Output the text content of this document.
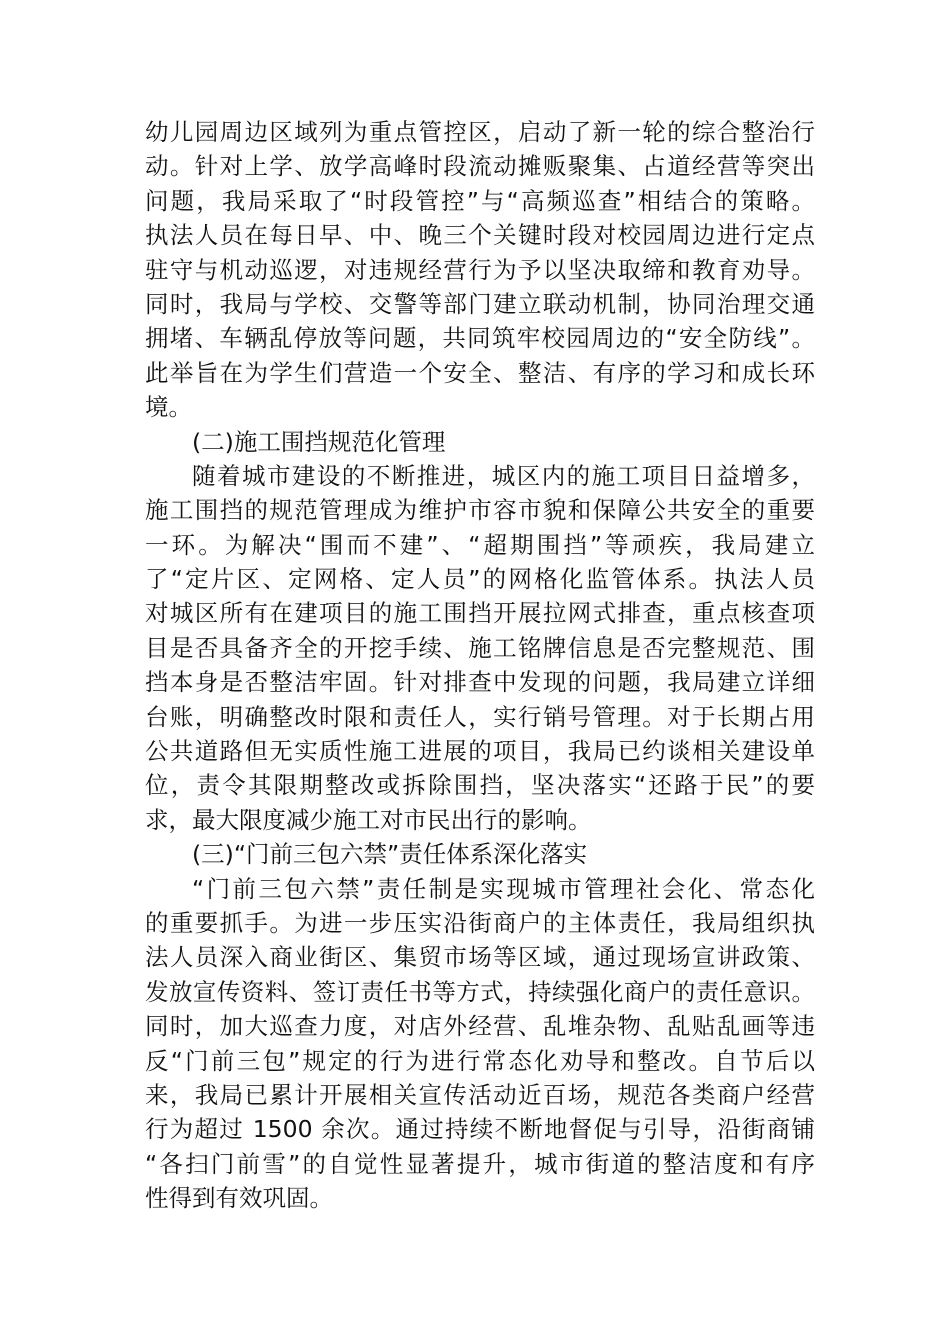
幼儿园周边区域列为重点管控区，启动了新一轮的综合整治行
动。针对上学、放学高峰时段流动摊贩聚集、占道经营等突出
问题，我局采取了“时段管控”与“高频巡查”相结合的策略。
执法人员在每日早、中、晚三个关键时段对校园周边进行定点
驻守与机动巡逻，对违规经营行为予以坚决取缔和教育劝导。
同时，我局与学校、交警等部门建立联动机制，协同治理交通
拥堵、车辆乱停放等问题，共同筑牢校园周边的“安全防线”。
此举旨在为学生们营造一个安全、整洁、有序的学习和成长环
境。
(二)施工围挡规范化管理
随着城市建设的不断推进，城区内的施工项目日益增多，
施工围挡的规范管理成为维护市容市貌和保障公共安全的重要
一环。为解决“围而不建”、“超期围挡”等顽疾，我局建立
了“定片区、定网格、定人员”的网格化监管体系。执法人员
对城区所有在建项目的施工围挡开展拉网式排查，重点核查项
目是否具备齐全的开挖手续、施工铭牌信息是否完整规范、围
挡本身是否整洁牢固。针对排查中发现的问题，我局建立详细
台账，明确整改时限和责任人，实行销号管理。对于长期占用
公共道路但无实质性施工进展的项目，我局已约谈相关建设单
位，责令其限期整改或拆除围挡，坚决落实“还路于民”的要
求，最大限度减少施工对市民出行的影响。
(三)“门前三包六禁”责任体系深化落实
“门前三包六禁”责任制是实现城市管理社会化、常态化
的重要抓手。为进一步压实沿街商户的主体责任，我局组织执
法人员深入商业街区、集贸市场等区域，通过现场宣讲政策、
发放宣传资料、签订责任书等方式，持续强化商户的责任意识。
同时，加大巡查力度，对店外经营、乱堆杂物、乱贴乱画等违
反“门前三包”规定的行为进行常态化劝导和整改。自节后以
来，我局已累计开展相关宣传活动近百场，规范各类商户经营
行为超过 1500 余次。通过持续不断地督促与引导，沿街商铺
“各扫门前雪”的自觉性显著提升，城市街道的整洁度和有序
性得到有效巩固。
